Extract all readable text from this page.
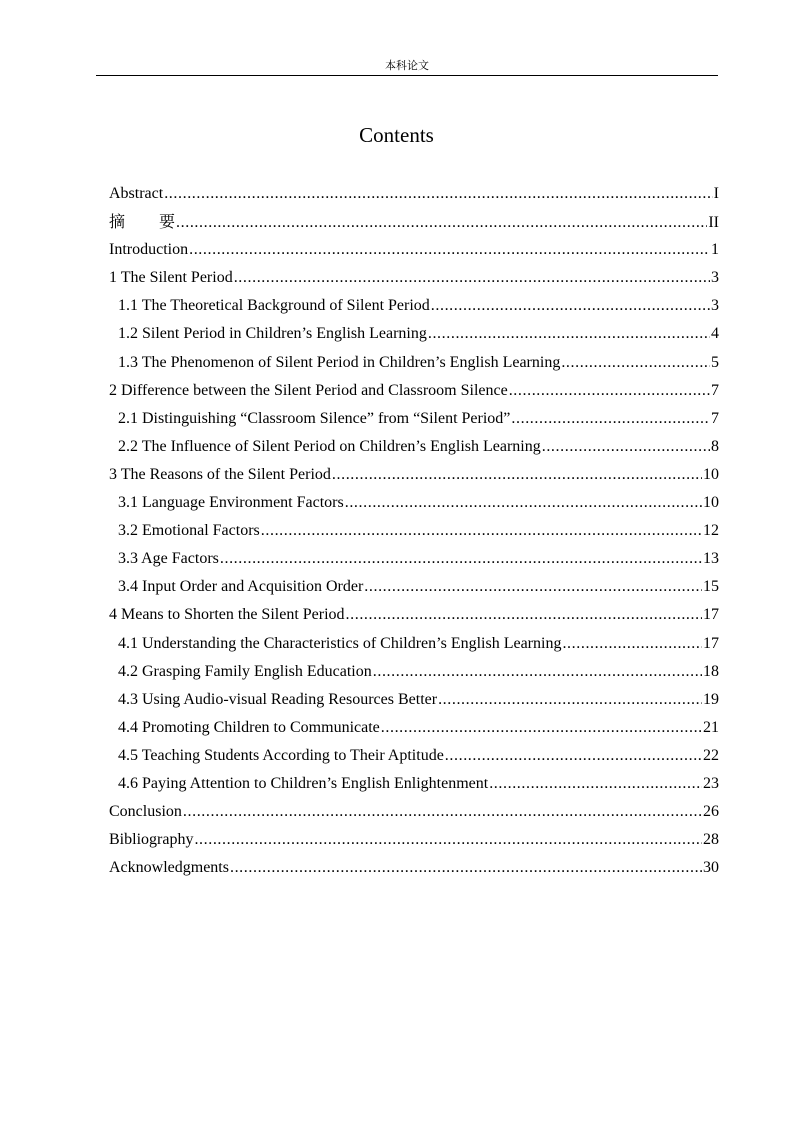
本科论文
Contents
Abstract .....	I
摘 要 .....	II
Introduction .....	1
1 The Silent Period .....	3
1.1 The Theoretical Background of Silent Period .....	3
1.2 Silent Period in Children’s English Learning .....	4
1.3 The Phenomenon of Silent Period in Children’s English Learning .....	5
2 Difference between the Silent Period and Classroom Silence .....	7
2.1 Distinguishing “Classroom Silence” from “Silent Period” .....	7
2.2 The Influence of Silent Period on Children’s English Learning .....	8
3 The Reasons of the Silent Period .....	10
3.1 Language Environment Factors .....	10
3.2 Emotional Factors .....	12
3.3 Age Factors .....	13
3.4 Input Order and Acquisition Order .....	15
4 Means to Shorten the Silent Period .....	17
4.1 Understanding the Characteristics of Children’s English Learning .....	17
4.2 Grasping Family English Education .....	18
4.3 Using Audio-visual Reading Resources Better .....	19
4.4 Promoting Children to Communicate .....	21
4.5 Teaching Students According to Their Aptitude .....	22
4.6 Paying Attention to Children’s English Enlightenment .....	23
Conclusion .....	26
Bibliography .....	28
Acknowledgments .....	30
